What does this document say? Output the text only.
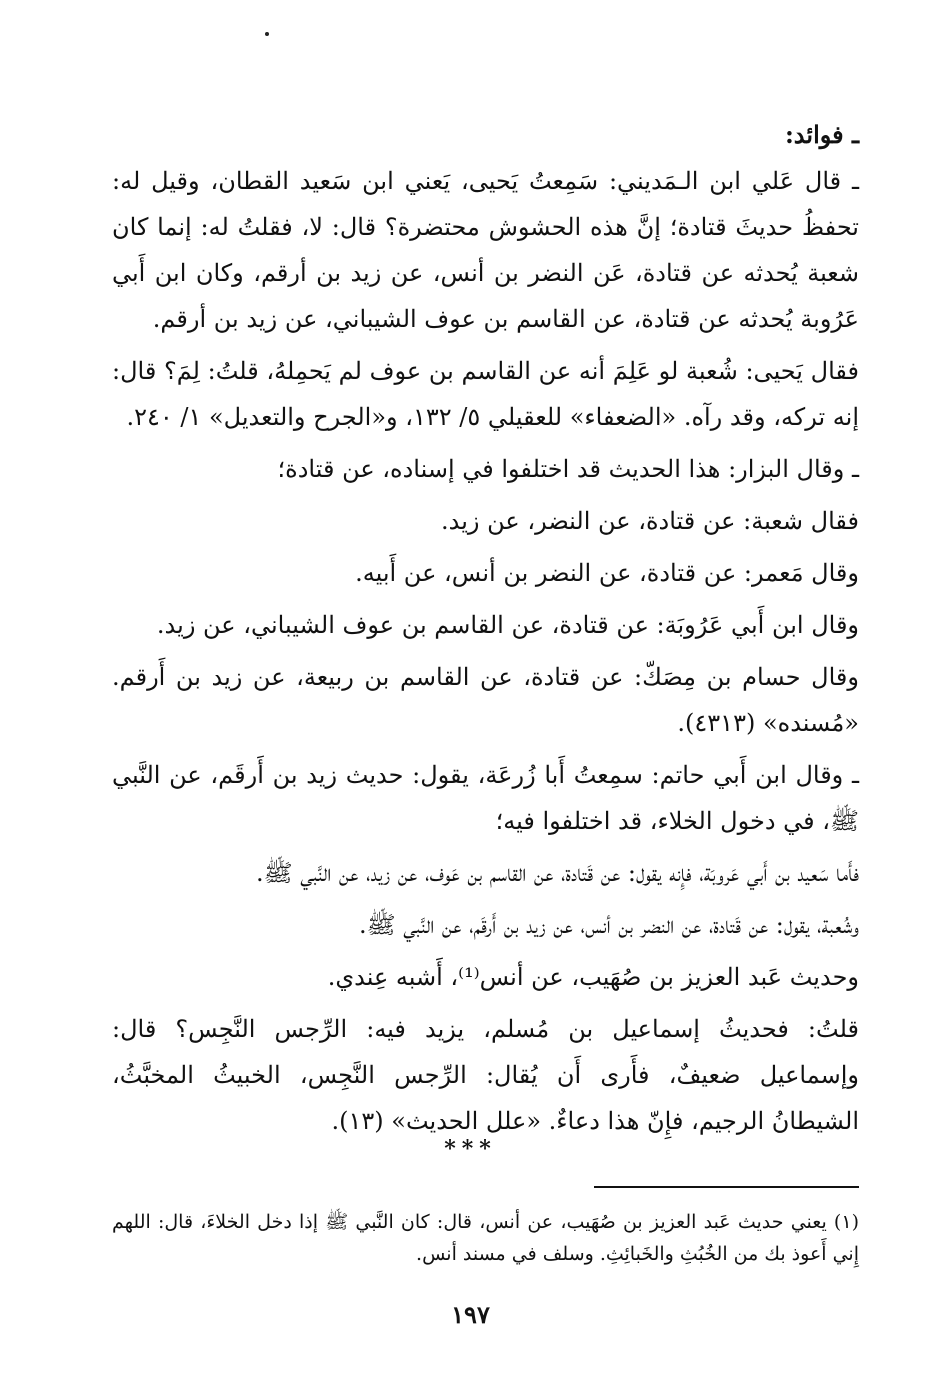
ـ فوائد:

ـ قال عَلي ابن الـمَديني: سَمِعتُ يَحيى، يَعني ابن سَعيد القطان، وقيل له: تحفظُ حديثَ قتادة؛ إنَّ هذه الحشوش محتضرة؟ قال: لا، فقلتُ له: إنما كان شعبة يُحدثه عن قتادة، عَن النضر بن أنس، عن زيد بن أرقم، وكان ابن أَبي عَرُوبة يُحدثه عن قتادة، عن القاسم بن عوف الشيباني، عن زيد بن أرقم.

فقال يَحيى: شُعبة لو عَلِمَ أنه عن القاسم بن عوف لم يَحمِلهُ، قلتُ: لِمَ؟ قال: إنه تركه، وقد رآه. «الضعفاء» للعقيلي ٥/ ١٣٢، و«الجرح والتعديل» ١/ ٢٤٠.

ـ وقال البزار: هذا الحديث قد اختلفوا في إسناده، عن قتادة؛

فقال شعبة: عن قتادة، عن النضر، عن زيد.

وقال مَعمر: عن قتادة، عن النضر بن أنس، عن أَبيه.

وقال ابن أَبي عَرُوبَة: عن قتادة، عن القاسم بن عوف الشيباني، عن زيد.

وقال حسام بن مِصَكّ: عن قتادة، عن القاسم بن ربيعة، عن زيد بن أَرقم. «مُسنده» (٤٣١٣).

ـ وقال ابن أَبي حاتم: سمِعتُ أَبا زُرعَة، يقول: حديث زيد بن أَرقَم، عن النَّبي ﷺ، في دخول الخلاء، قد اختلفوا فيه؛

فأَما سَعيد بن أَبي عَروبَة، فإِنه يقول: عن قَتادة، عن القاسم بن عَوف، عن زيد، عن النَّبي ﷺ.

وشُعبة، يقول: عن قَتادة، عن النضر بن أنس، عن زيد بن أَرقَم، عن النَّبي ﷺ.

وحديث عَبد العزيز بن صُهَيب، عن أنس⁽¹⁾، أَشبه عِندي.

قلتُ: فحديثُ إسماعيل بن مُسلم، يزيد فيه: الرِّجس النَّجِس؟ قال: وإسماعيل ضعيفٌ، فأَرى أَن يُقال: الرِّجس النَّجِس، الخبيثُ المخبَّثُ، الشيطانُ الرجيم، فإِنّ هذا دعاءٌ. «علل الحديث» (١٣).

***
(١) يعني حديث عَبد العزيز بن صُهَيب، عن أنس، قال: كان النَّبي ﷺ إذا دخل الخلاءَ، قال: اللهم إِني أَعوذ بك من الخُبُثِ والخَبائِثِ. وسلف في مسند أنس.
١٩٧
